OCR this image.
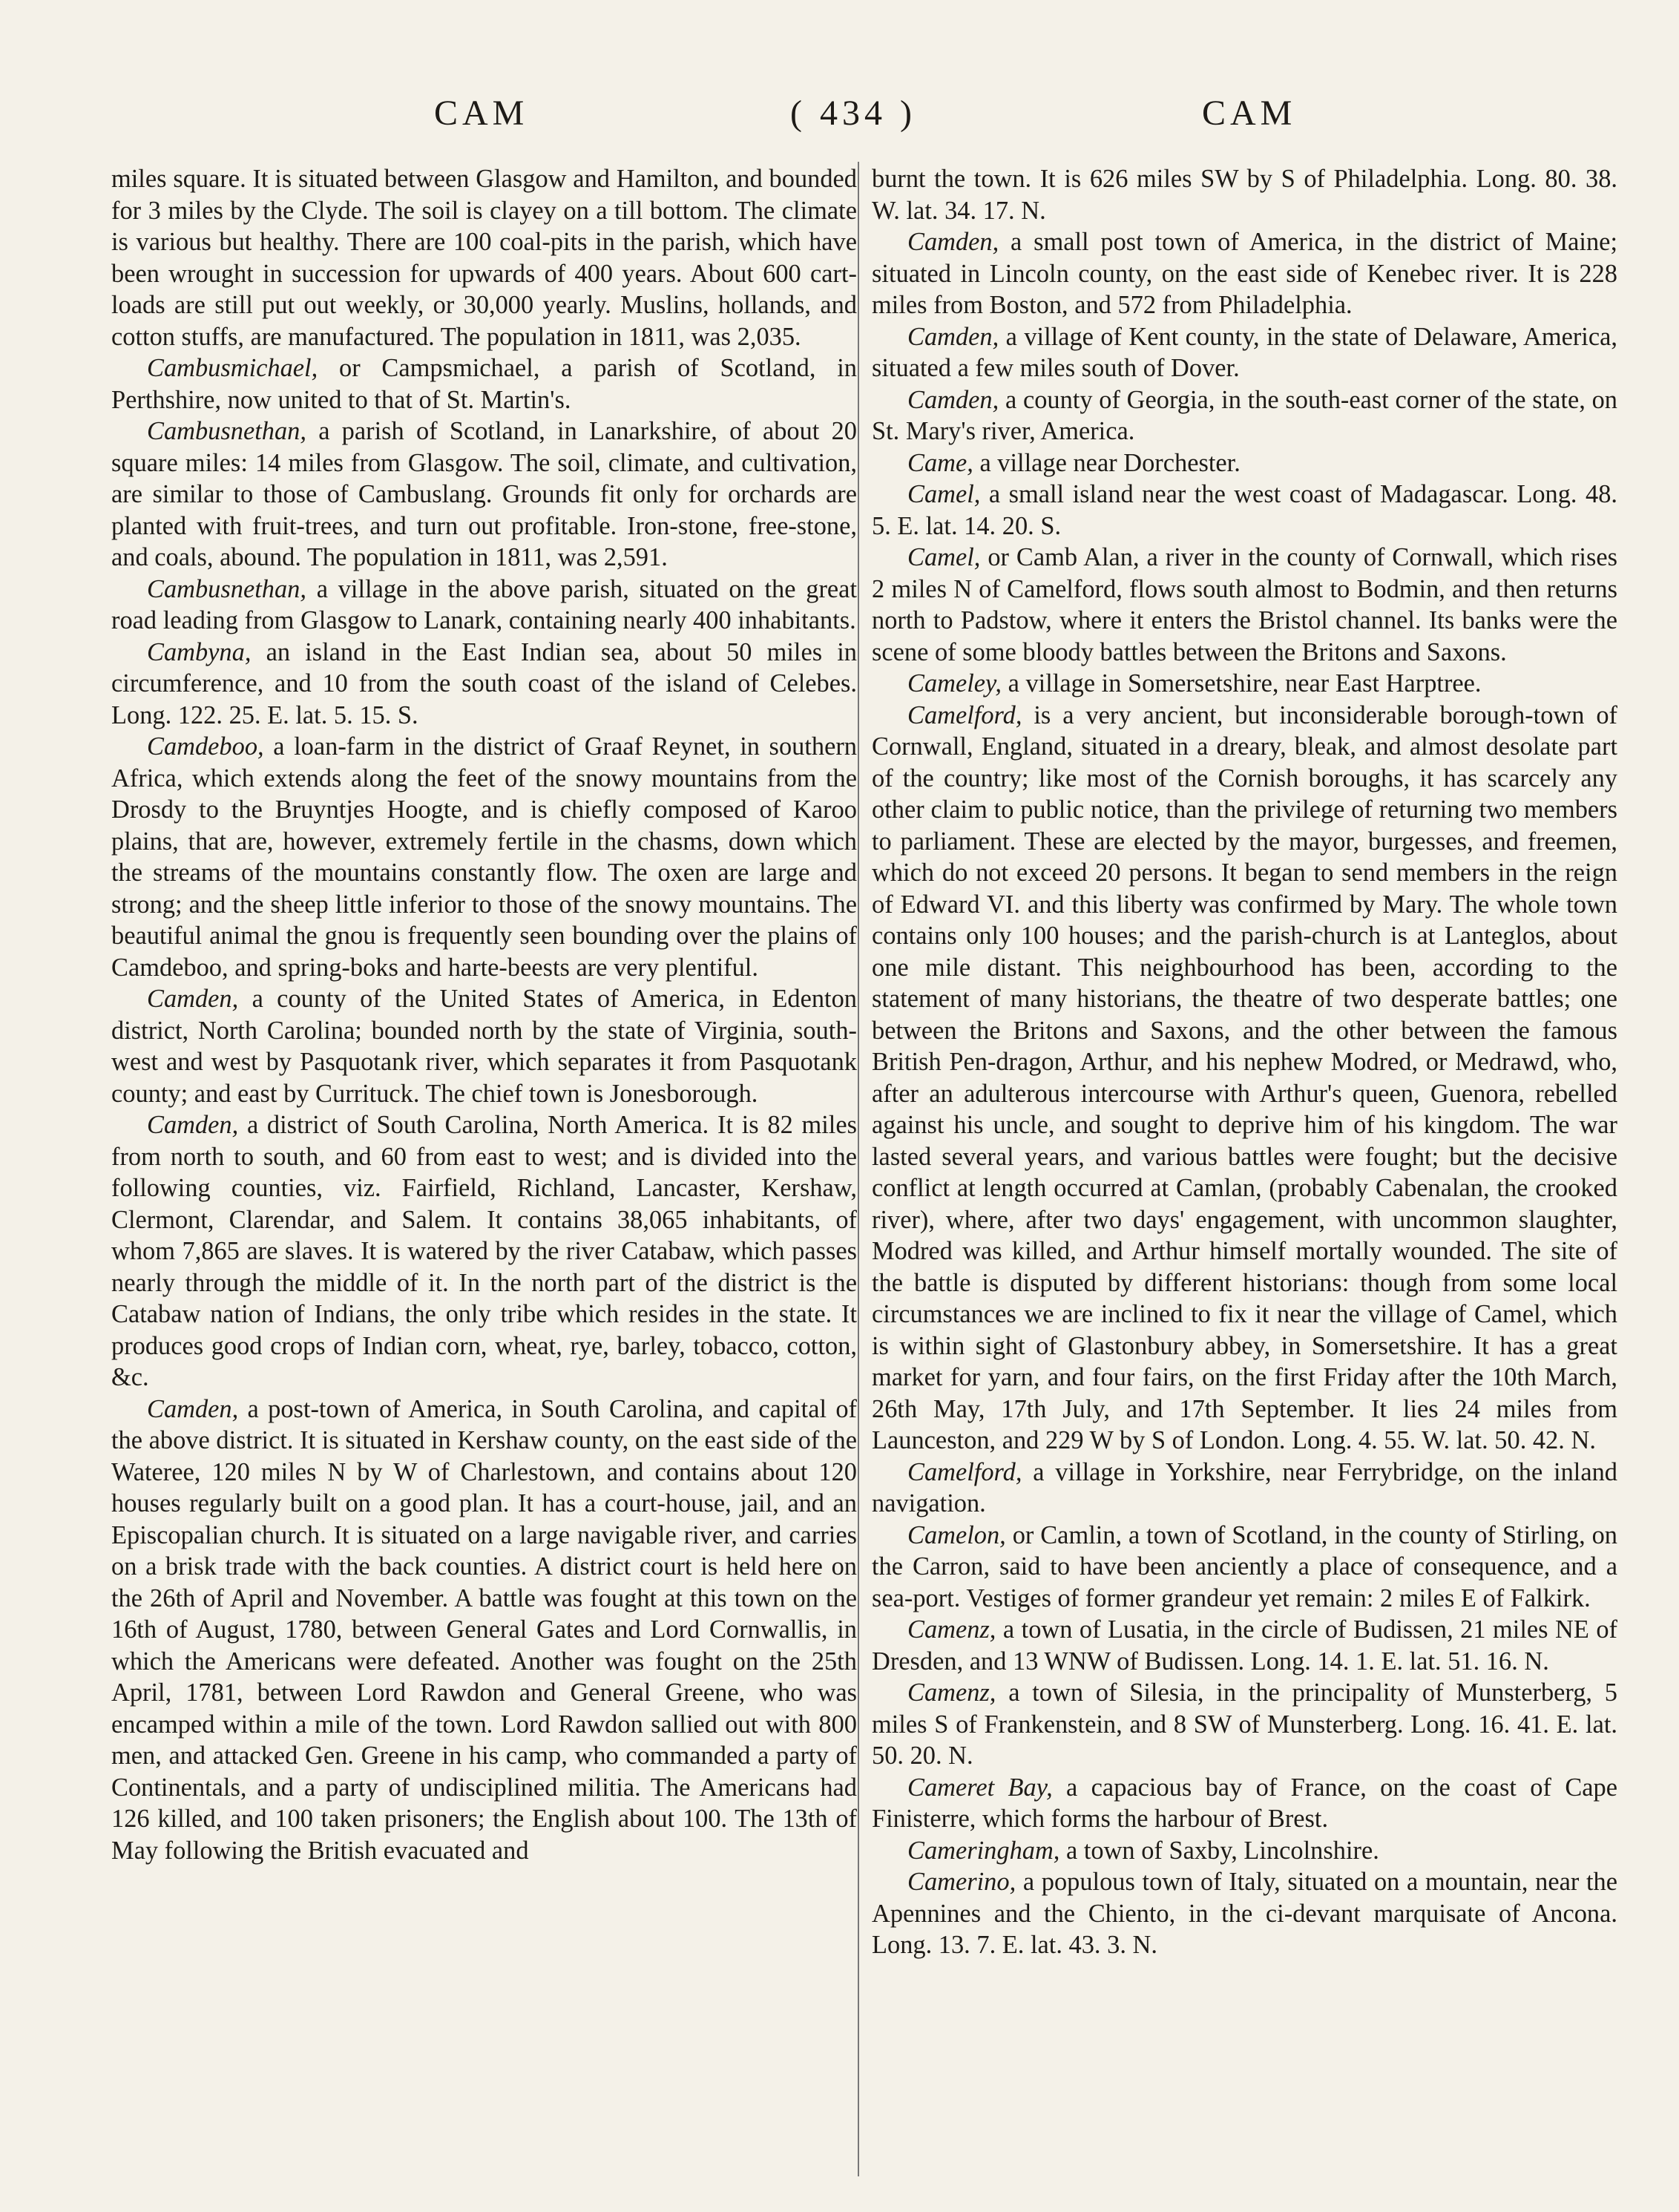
CAM	( 434 )	CAM

miles square. It is situated between Glasgow and Hamilton, and bounded for 3 miles by the Clyde. The soil is clayey on a till bottom. The climate is various but healthy. There are 100 coal-pits in the parish, which have been wrought in succession for upwards of 400 years. About 600 cart-loads are still put out weekly, or 30,000 yearly. Muslins, hollands, and cotton stuffs, are manufactured. The population in 1811, was 2,035.

Cambusmichael, or Campsmichael, a parish of Scotland, in Perthshire, now united to that of St. Martin's.

Cambusnethan, a parish of Scotland, in Lanarkshire, of about 20 square miles: 14 miles from Glasgow. The soil, climate, and cultivation, are similar to those of Cambuslang. Grounds fit only for orchards are planted with fruit-trees, and turn out profitable. Iron-stone, free-stone, and coals, abound. The population in 1811, was 2,591.

Cambusnethan, a village in the above parish, situated on the great road leading from Glasgow to Lanark, containing nearly 400 inhabitants.

Cambyna, an island in the East Indian sea, about 50 miles in circumference, and 10 from the south coast of the island of Celebes. Long. 122. 25. E. lat. 5. 15. S.

Camdeboo, a loan-farm in the district of Graaf Reynet, in southern Africa, which extends along the feet of the snowy mountains from the Drosdy to the Bruyntjes Hoogte, and is chiefly composed of Karoo plains, that are, however, extremely fertile in the chasms, down which the streams of the mountains constantly flow. The oxen are large and strong; and the sheep little inferior to those of the snowy mountains. The beautiful animal the gnou is frequently seen bounding over the plains of Camdeboo, and spring-boks and harte-beests are very plentiful.

Camden, a county of the United States of America, in Edenton district, North Carolina; bounded north by the state of Virginia, south-west and west by Pasquotank river, which separates it from Pasquotank county; and east by Currituck. The chief town is Jonesborough.

Camden, a district of South Carolina, North America. It is 82 miles from north to south, and 60 from east to west; and is divided into the following counties, viz. Fairfield, Richland, Lancaster, Kershaw, Clermont, Clarendar, and Salem. It contains 38,065 inhabitants, of whom 7,865 are slaves. It is watered by the river Catabaw, which passes nearly through the middle of it. In the north part of the district is the Catabaw nation of Indians, the only tribe which resides in the state. It produces good crops of Indian corn, wheat, rye, barley, tobacco, cotton, &c.

Camden, a post-town of America, in South Carolina, and capital of the above district. It is situated in Kershaw county, on the east side of the Wateree, 120 miles N by W of Charlestown, and contains about 120 houses regularly built on a good plan. It has a court-house, jail, and an Episcopalian church. It is situated on a large navigable river, and carries on a brisk trade with the back counties. A district court is held here on the 26th of April and November. A battle was fought at this town on the 16th of August, 1780, between General Gates and Lord Cornwallis, in which the Americans were defeated. Another was fought on the 25th April, 1781, between Lord Rawdon and General Greene, who was encamped within a mile of the town. Lord Rawdon sallied out with 800 men, and attacked Gen. Greene in his camp, who commanded a party of Continentals, and a party of undisciplined militia. The Americans had 126 killed, and 100 taken prisoners; the English about 100. The 13th of May following the British evacuated and

burnt the town. It is 626 miles SW by S of Philadelphia. Long. 80. 38. W. lat. 34. 17. N.

Camden, a small post town of America, in the district of Maine; situated in Lincoln county, on the east side of Kenebec river. It is 228 miles from Boston, and 572 from Philadelphia.

Camden, a village of Kent county, in the state of Delaware, America, situated a few miles south of Dover.

Camden, a county of Georgia, in the south-east corner of the state, on St. Mary's river, America.

Came, a village near Dorchester.

Camel, a small island near the west coast of Madagascar. Long. 48. 5. E. lat. 14. 20. S.

Camel, or Camb Alan, a river in the county of Cornwall, which rises 2 miles N of Camelford, flows south almost to Bodmin, and then returns north to Padstow, where it enters the Bristol channel. Its banks were the scene of some bloody battles between the Britons and Saxons.

Cameley, a village in Somersetshire, near East Harptree.

Camelford, is a very ancient, but inconsiderable borough-town of Cornwall, England, situated in a dreary, bleak, and almost desolate part of the country; like most of the Cornish boroughs, it has scarcely any other claim to public notice, than the privilege of returning two members to parliament. These are elected by the mayor, burgesses, and freemen, which do not exceed 20 persons. It began to send members in the reign of Edward VI. and this liberty was confirmed by Mary. The whole town contains only 100 houses; and the parish-church is at Lanteglos, about one mile distant. This neighbourhood has been, according to the statement of many historians, the theatre of two desperate battles; one between the Britons and Saxons, and the other between the famous British Pen-dragon, Arthur, and his nephew Modred, or Medrawd, who, after an adulterous intercourse with Arthur's queen, Guenora, rebelled against his uncle, and sought to deprive him of his kingdom. The war lasted several years, and various battles were fought; but the decisive conflict at length occurred at Camlan, (probably Cabenalan, the crooked river), where, after two days' engagement, with uncommon slaughter, Modred was killed, and Arthur himself mortally wounded. The site of the battle is disputed by different historians: though from some local circumstances we are inclined to fix it near the village of Camel, which is within sight of Glastonbury abbey, in Somersetshire. It has a great market for yarn, and four fairs, on the first Friday after the 10th March, 26th May, 17th July, and 17th September. It lies 24 miles from Launceston, and 229 W by S of London. Long. 4. 55. W. lat. 50. 42. N.

Camelford, a village in Yorkshire, near Ferrybridge, on the inland navigation.

Camelon, or Camlin, a town of Scotland, in the county of Stirling, on the Carron, said to have been anciently a place of consequence, and a sea-port. Vestiges of former grandeur yet remain: 2 miles E of Falkirk.

Camenz, a town of Lusatia, in the circle of Budissen, 21 miles NE of Dresden, and 13 WNW of Budissen. Long. 14. 1. E. lat. 51. 16. N.

Camenz, a town of Silesia, in the principality of Munsterberg, 5 miles S of Frankenstein, and 8 SW of Munsterberg. Long. 16. 41. E. lat. 50. 20. N.

Cameret Bay, a capacious bay of France, on the coast of Cape Finisterre, which forms the harbour of Brest.

Cameringham, a town of Saxby, Lincolnshire.

Camerino, a populous town of Italy, situated on a mountain, near the Apennines and the Chiento, in the ci-devant marquisate of Ancona. Long. 13. 7. E. lat. 43. 3. N.
